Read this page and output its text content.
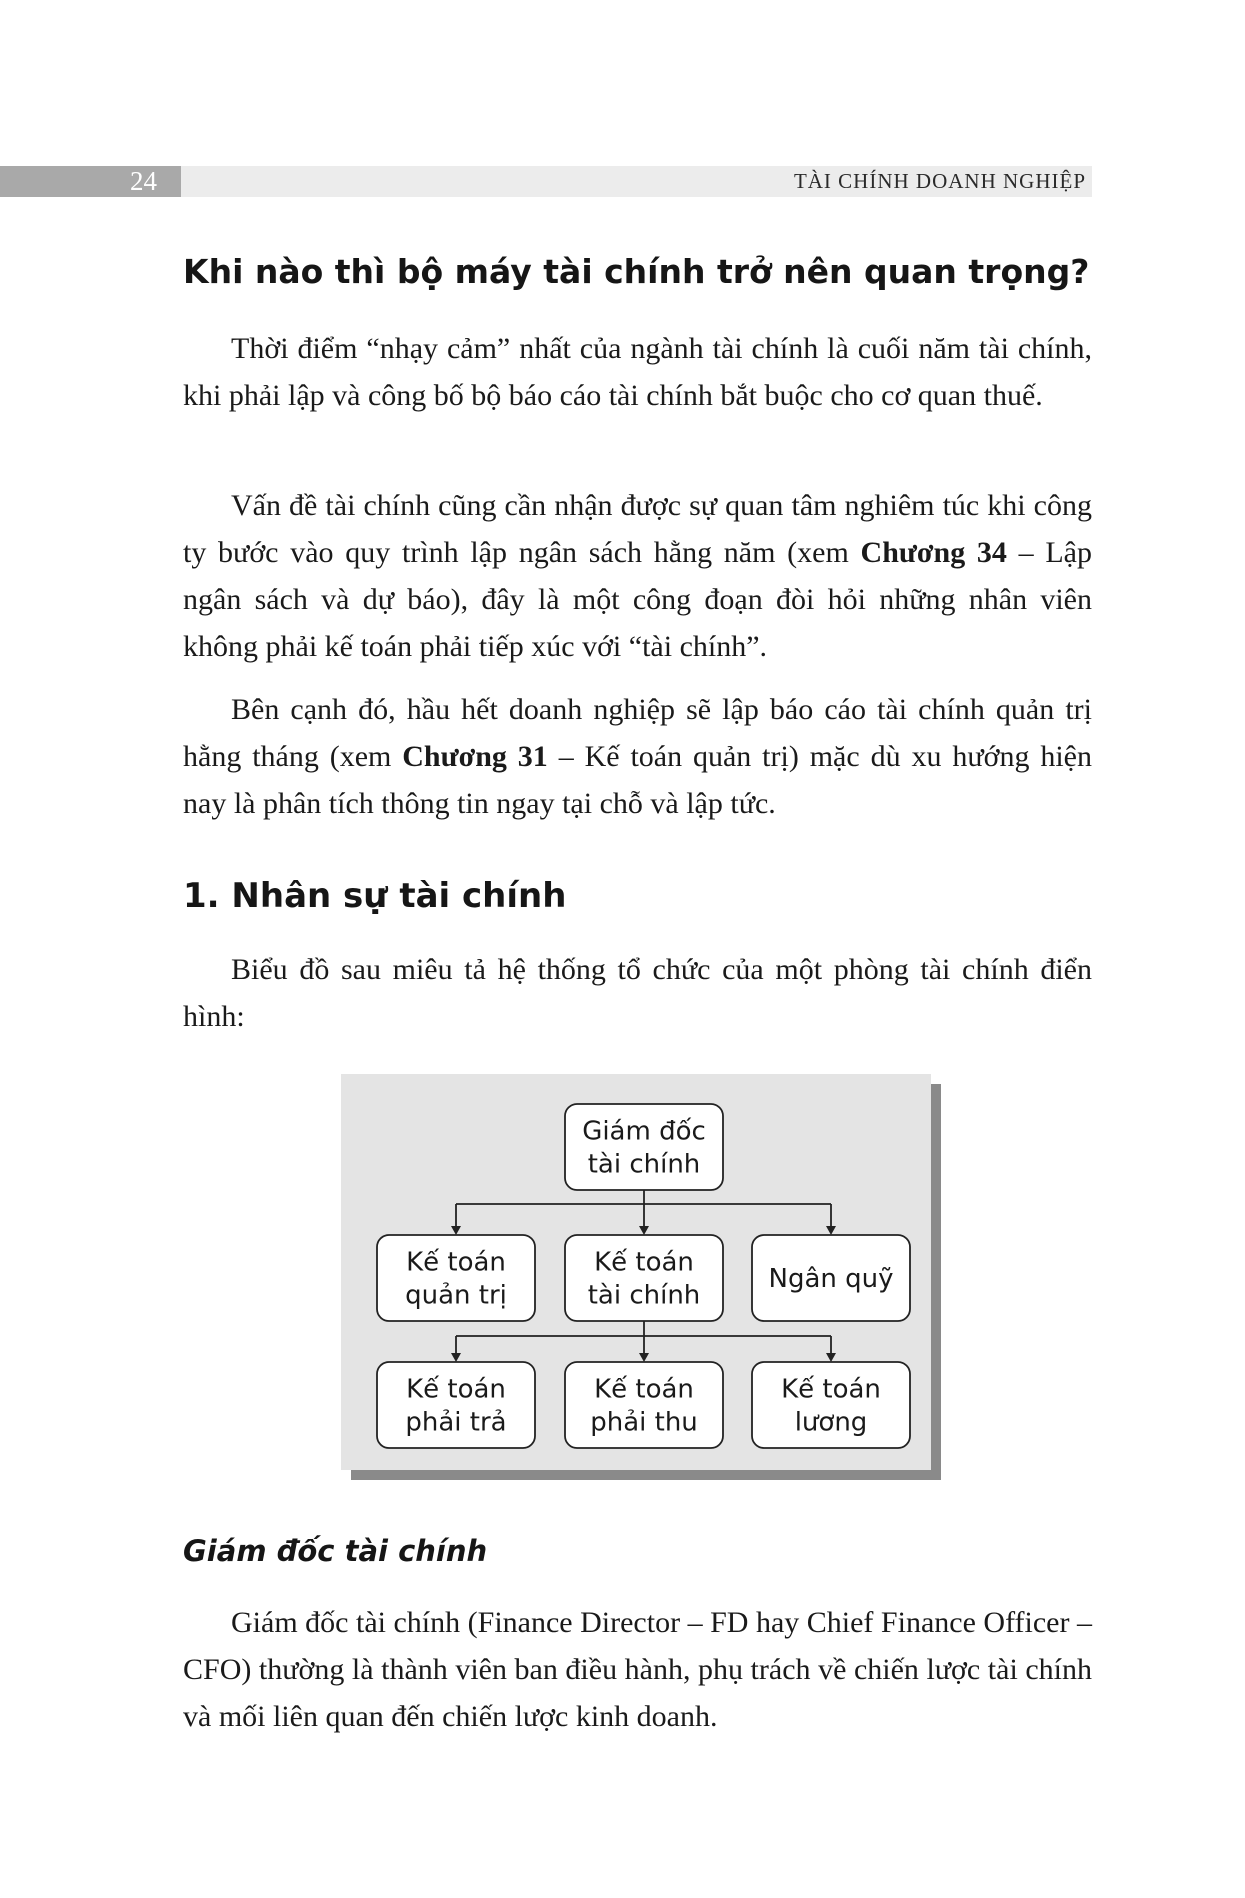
24	TÀI CHÍNH DOANH NGHIỆP
Khi nào thì bộ máy tài chính trở nên quan trọng?

Thời điểm “nhạy cảm” nhất của ngành tài chính là cuối năm tài chính, khi phải lập và công bố bộ báo cáo tài chính bắt buộc cho cơ quan thuế.

Vấn đề tài chính cũng cần nhận được sự quan tâm nghiêm túc khi công ty bước vào quy trình lập ngân sách hằng năm (xem Chương 34 – Lập ngân sách và dự báo), đây là một công đoạn đòi hỏi những nhân viên không phải kế toán phải tiếp xúc với “tài chính”.

Bên cạnh đó, hầu hết doanh nghiệp sẽ lập báo cáo tài chính quản trị hằng tháng (xem Chương 31 – Kế toán quản trị) mặc dù xu hướng hiện nay là phân tích thông tin ngay tại chỗ và lập tức.

1. Nhân sự tài chính

Biểu đồ sau miêu tả hệ thống tổ chức của một phòng tài chính điển hình:

Giám đốc
tài chính
Kế toán
quản trị
Kế toán
tài chính
Ngân quỹ
Kế toán
phải trả
Kế toán
phải thu
Kế toán
lương
Giám đốc tài chính

Giám đốc tài chính (Finance Director – FD hay Chief Finance Officer – CFO) thường là thành viên ban điều hành, phụ trách về chiến lược tài chính và mối liên quan đến chiến lược kinh doanh.
